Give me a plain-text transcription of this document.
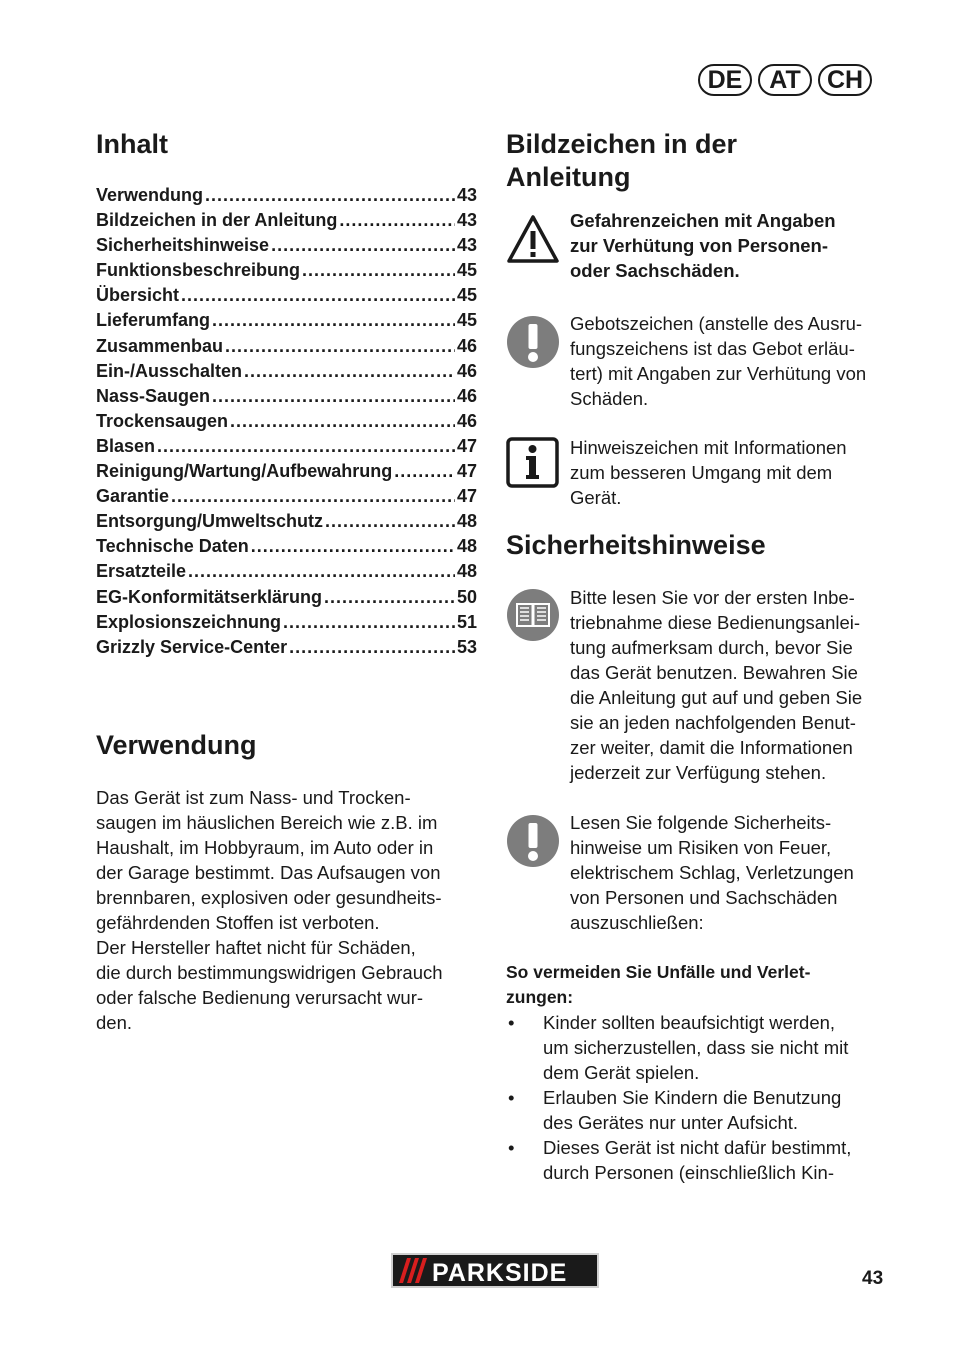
DE	AT	CH
Inhalt
Verwendung .....	43
Bildzeichen in der Anleitung .....	43
Sicherheitshinweise .....	43
Funktionsbeschreibung .....	45
Übersicht .....	45
Lieferumfang .....	45
Zusammenbau .....	46
Ein-/Ausschalten .....	46
Nass-Saugen .....	46
Trockensaugen .....	46
Blasen .....	47
Reinigung/Wartung/Aufbewahrung .....	47
Garantie .....	47
Entsorgung/Umweltschutz .....	48
Technische Daten .....	48
Ersatzteile .....	48
EG-Konformitätserklärung .....	50
Explosionszeichnung .....	51
Grizzly Service-Center .....	53
Verwendung

Das Gerät ist zum Nass- und Trocken-

saugen im häuslichen Bereich wie z.B. im

Haushalt, im Hobbyraum, im Auto oder in

der Garage bestimmt. Das Aufsaugen von

brennbaren, explosiven oder gesundheits-

gefährdenden Stoffen ist verboten.

Der Hersteller haftet nicht für Schäden,

die durch bestimmungswidrigen Gebrauch

oder falsche Bedienung verursacht wur-

den.

Bildzeichen in der
Anleitung

Gefahrenzeichen mit Angaben

zur Verhütung von Personen-

oder Sachschäden.

Gebotszeichen (anstelle des Ausru-

fungszeichens ist das Gebot erläu-

tert) mit Angaben zur Verhütung von

Schäden.

Hinweiszeichen mit Informationen

zum besseren Umgang mit dem

Gerät.

Sicherheitshinweise

Bitte lesen Sie vor der ersten Inbe-

triebnahme diese Bedienungsanlei-

tung aufmerksam durch, bevor Sie

das Gerät benutzen. Bewahren Sie

die Anleitung gut auf und geben Sie

sie an jeden nachfolgenden Benut-

zer weiter, damit die Informationen

jederzeit zur Verfügung stehen.

Lesen Sie folgende Sicherheits-

hinweise um Risiken von Feuer,

elektrischem Schlag, Verletzungen

von Personen und Sachschäden

auszuschließen:

So vermeiden Sie Unfälle und Verlet-

zungen:

•	Kinder sollten beaufsichtigt werden,

um sicherzustellen, dass sie nicht mit

dem Gerät spielen.

•	Erlauben Sie Kindern die Benutzung

des Gerätes nur unter Aufsicht.

•	Dieses Gerät ist nicht dafür bestimmt,

durch Personen (einschließlich Kin-

PARKSIDE	43
